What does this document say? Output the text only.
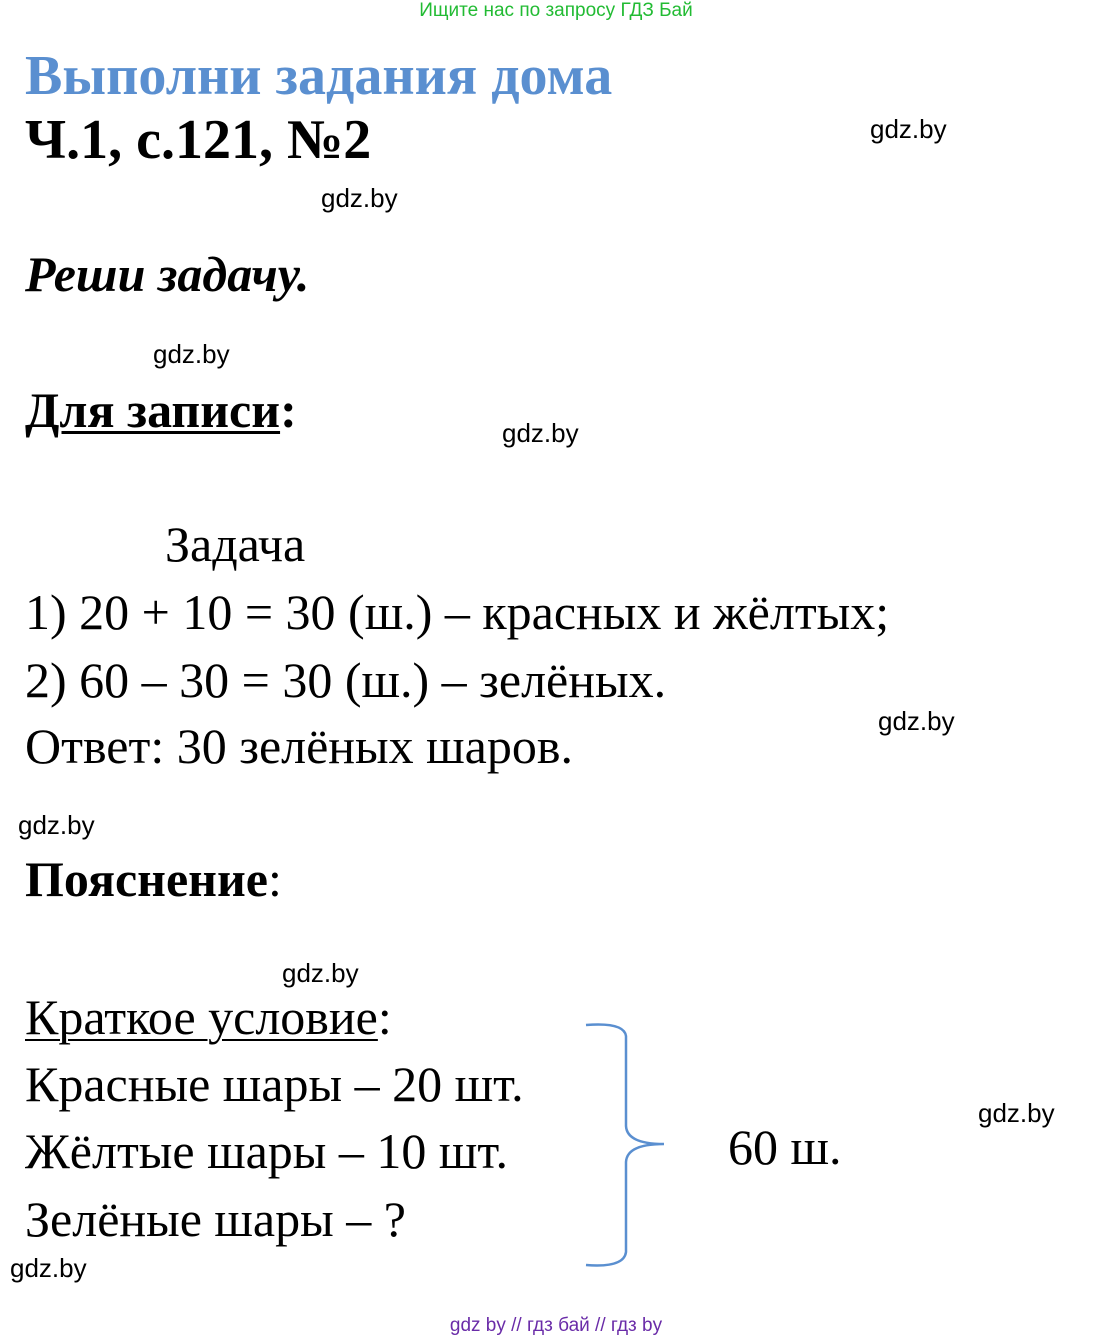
Ищите нас по запросу ГДЗ Бай
Выполни задания дома
Ч.1, с.121, №2
Реши задачу.
Для записи:
Задача
1) 20 + 10 = 30 (ш.) – красных и жёлтых;
2) 60 – 30 = 30 (ш.) – зелёных.
Ответ: 30 зелёных шаров.
Пояснение:
Краткое условие:
Красные шары – 20 шт.
Жёлтые шары – 10 шт.
Зелёные шары – ?
60 ш.
gdz.by
gdz.by
gdz.by
gdz.by
gdz.by
gdz.by
gdz.by
gdz.by
gdz.by
gdz by // гдз бай // гдз by
